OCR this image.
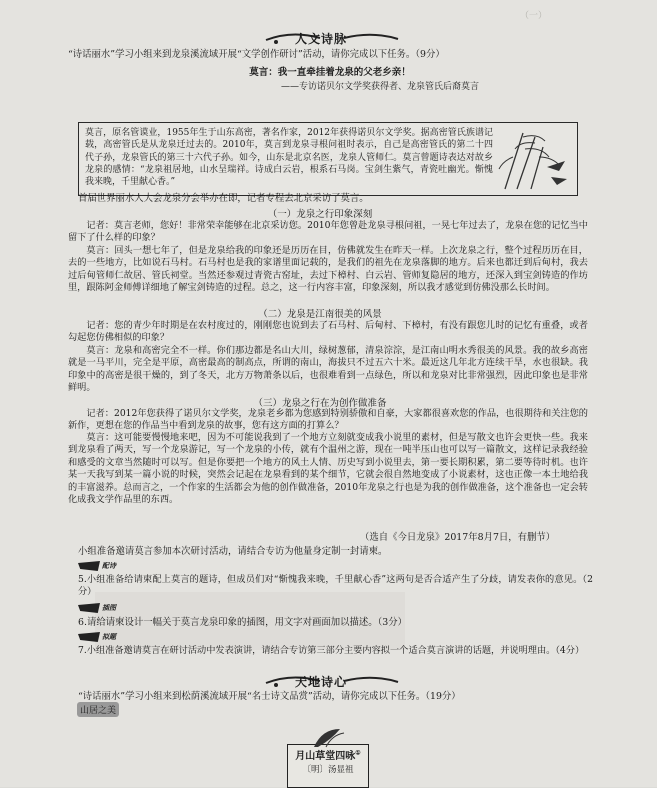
（一）
人文诗脉
“诗话丽水”学习小组来到龙泉溪流域开展“文学创作研讨”活动，请你完成以下任务。（9分）
莫言：我一直牵挂着龙泉的父老乡亲！
——专访诺贝尔文学奖获得者、龙泉管氏后裔莫言
莫言，原名管谟业，1955年生于山东高密，著名作家，2012年获得诺贝尔文学奖。据高密管氏族谱记载，高密管氏是从龙泉迁过去的。2010年，莫言到龙泉寻根问祖时表示，自己是高密管氏的第二十四代子孙，龙泉管氏的第三十六代子孙。如今，山东是北京名医，龙泉人管师仁。莫言曾题诗表达对故乡龙泉的感情：“龙泉祖居地，山水呈瑞祥。诗成白云岩，根系石马岗。宝剑生紫气，青瓷吐幽光。惭愧我来晚，千里献心香。”
首届世界丽水人大会龙泉分会举办在即，记者专程去北京采访了莫言。
（一）龙泉之行印象深刻
记者：莫言老师，您好！非常荣幸能够在北京采访您。2010年您曾赴龙泉寻根问祖，一晃七年过去了，龙泉在您的记忆当中留下了什么样的印象？
莫言：回头一想七年了，但是龙泉给我的印象还是历历在目，仿佛就发生在昨天一样。上次龙泉之行，整个过程历历在目，去的一些地方，比如说石马村。石马村也是我的家谱里面记载的，是我们的祖先在龙泉落脚的地方。后来也都迁到后甸村，我去过后甸管师仁故居、管氏祠堂。当然还参观过青瓷古窑址，去过下樟村、白云岩、管师复隐居的地方，还深入到宝剑铸造的作坊里，跟陈阿金师傅详细地了解宝剑铸造的过程。总之，这一行内容丰富，印象深刻，所以我才感觉到仿佛没那么长时间。
（二）龙泉是江南很美的风景
记者：您的青少年时期是在农村度过的，刚刚您也说到去了石马村、后甸村、下樟村，有没有跟您儿时的记忆有重叠，或者勾起您仿佛相似的印象？
莫言：龙泉和高密完全不一样。你们那边都是名山大川，绿树葱郁，清泉淙淙，是江南山明水秀很美的风景。我的故乡高密就是一马平川，完全是平原，高密最高的制高点，所谓的南山，海拔只不过五六十米。最近这几年北方连续干旱，水也很缺。我印象中的高密是很干燥的，到了冬天，北方万物萧条以后，也很难看到一点绿色，所以和龙泉对比非常强烈，因此印象也是非常鲜明。
（三）龙泉之行在为创作做准备
记者：2012年您获得了诺贝尔文学奖，龙泉老乡都为您感到特别骄傲和自豪，大家都很喜欢您的作品，也很期待和关注您的新作，更想在您的作品当中看到龙泉的故事，您有这方面的打算么？
莫言：这可能要慢慢地来吧，因为不可能说我到了一个地方立刻就变成我小说里的素材，但是写散文也许会更快一些。我来到龙泉看了两天，写一个龙泉游记，写一个龙泉的小传，就有个温州之游，现在一吨半压山也可以写一篇散文，这样记录我经验和感受的文章当然随时可以写。但是你要把一个地方的风土人情、历史写到小说里去，第一要长期积累，第二要等待时机。也许某一天我写到某一篇小说的时候，突然会记起在龙泉看到的某个细节，它就会很自然地变成了小说素材，这也正像一本土地给我的丰富滋养。总而言之，一个作家的生活都会为他的创作做准备，2010年龙泉之行也是为我的创作做准备，这个准备也一定会转化成我文学作品里的东西。
（选自《今日龙泉》2017年8月7日，有删节）
小组准备邀请莫言参加本次研讨活动，请结合专访为他量身定制一封请柬。
配诗
5.小组准备给请柬配上莫言的题诗，但成员们对“惭愧我来晚，千里献心香”这两句是否合适产生了分歧，请发表你的意见。（2分）
插图
6.请给请柬设计一幅关于莫言龙泉印象的插图，用文字对画面加以描述。（3分）
拟题
7.小组准备邀请莫言在研讨活动中发表演讲，请结合专访第三部分主要内容拟一个适合莫言演讲的话题，并说明理由。（4分）
天地诗心
“诗话丽水”学习小组来到松荫溪流域开展“名士诗文品赏”活动，请你完成以下任务。（19分）
山居之美
月山草堂四咏①
〔明〕汤显祖
